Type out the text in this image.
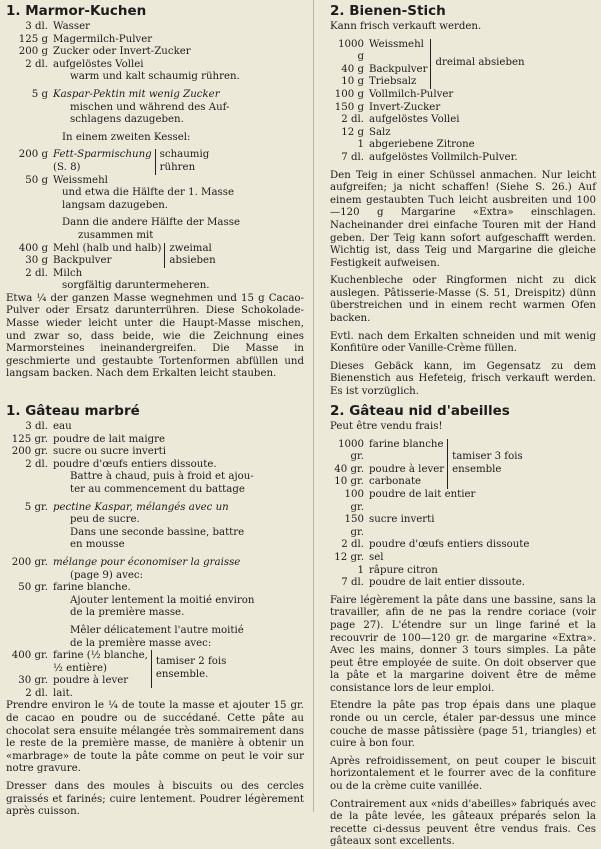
1. Marmor-Kuchen
3 dl. Wasser
125 g Magermilch-Pulver
200 g Zucker oder Invert-Zucker
2 dl. aufgelöstes Vollei
warm und kalt schaumig rühren.
5 g Kaspar-Pektin mit wenig Zucker
mischen und während des Auf-
schlagens dazugeben.
In einem zweiten Kessel:
200 g Fett-Sparmischung
(S. 8)
schaumig
rühren
50 g Weissmehl
und etwa die Hälfte der 1. Masse
langsam dazugeben.
Dann die andere Hälfte der Masse
zusammen mit
400 g Mehl (halb und halb)
30 g Backpulver
zweimal
absieben
2 dl. Milch
sorgfältig daruntermeheren.

Etwa ¼ der ganzen Masse wegnehmen und 15 g Cacao-Pulver oder Ersatz darunterrühren. Diese Schokolade-Masse wieder leicht unter die Haupt-Masse mischen, und zwar so, dass beide, wie die Zeichnung eines Marmorsteines ineinandergreifen. Die Masse in geschmierte und gestaubte Tortenformen abfüllen und langsam backen. Nach dem Erkalten leicht stauben.

1. Gâteau marbré
3 dl. eau
125 gr. poudre de lait maigre
200 gr. sucre ou sucre inverti
2 dl. poudre d'œufs entiers dissoute.
Battre à chaud, puis à froid et ajou-
ter au commencement du battage
5 gr. pectine Kaspar, mélangés avec un
peu de sucre.
Dans une seconde bassine, battre
en mousse
200 gr. mélange pour économiser la graisse
(page 9) avec:
50 gr. farine blanche.
Ajouter lentement la moitié environ
de la première masse.
Mêler délicatement l'autre moitié
de la première masse avec:
400 gr. farine (½ blanche,
½ entière)
30 gr. poudre à lever
tamiser 2 fois
ensemble.
2 dl. lait.

Prendre environ le ¼ de toute la masse et ajouter 15 gr. de cacao en poudre ou de succédané. Cette pâte au chocolat sera ensuite mélangée très sommairement dans le reste de la première masse, de manière à obtenir un «marbrage» de toute la pâte comme on peut le voir sur notre gravure.

Dresser dans des moules à biscuits ou des cercles graissés et farinés; cuire lentement. Poudrer légèrement après cuisson.

2. Bienen-Stich
Kann frisch verkauft werden.
1000 g
Weissmehl
40 g Backpulver
10 g Triebsalz
dreimal absieben
100 g Vollmilch-Pulver
150 g Invert-Zucker
2 dl. aufgelöstes Vollei
12 g Salz
1 abgeriebene Zitrone
7 dl. aufgelöstes Vollmilch-Pulver.

Den Teig in einer Schüssel anmachen. Nur leicht aufgreifen; ja nicht schaffen! (Siehe S. 26.) Auf einem gestaubten Tuch leicht ausbreiten und 100—120 g Margarine «Extra» einschlagen. Nacheinander drei einfache Touren mit der Hand geben. Der Teig kann sofort aufgeschafft werden. Wichtig ist, dass Teig und Margarine die gleiche Festigkeit aufweisen.

Kuchenbleche oder Ringformen nicht zu dick auslegen. Pâtisserie-Masse (S. 51, Dreispitz) dünn überstreichen und in einem recht warmen Ofen backen.

Evtl. nach dem Erkalten schneiden und mit wenig Konfitüre oder Vanille-Crème füllen.

Dieses Gebäck kann, im Gegensatz zu dem Bienenstich aus Hefeteig, frisch verkauft werden. Es ist vorzüglich.

2. Gâteau nid d'abeilles
Peut être vendu frais!
1000 gr.
farine blanche
40 gr. poudre à lever
10 gr. carbonate
tamiser 3 fois
ensemble
100 gr.
poudre de lait entier
150 gr.
sucre inverti
2 dl. poudre d'œufs entiers dissoute
12 gr. sel
1 râpure citron
7 dl. poudre de lait entier dissoute.

Faire légèrement la pâte dans une bassine, sans la travailler, afin de ne pas la rendre coriace (voir page 27). L'étendre sur un linge fariné et la recouvrir de 100—120 gr. de margarine «Extra». Avec les mains, donner 3 tours simples. La pâte peut être employée de suite. On doit observer que la pâte et la margarine doivent être de même consistance lors de leur emploi.

Etendre la pâte pas trop épais dans une plaque ronde ou un cercle, étaler par-dessus une mince couche de masse pâtissière (page 51, triangles) et cuire à bon four.

Après refroidissement, on peut couper le biscuit horizontalement et le fourrer avec de la confiture ou de la crème cuite vanillée.

Contrairement aux «nids d'abeilles» fabriqués avec de la pâte levée, les gâteaux préparés selon la recette ci-dessus peuvent être vendus frais. Ces gâteaux sont excellents.
